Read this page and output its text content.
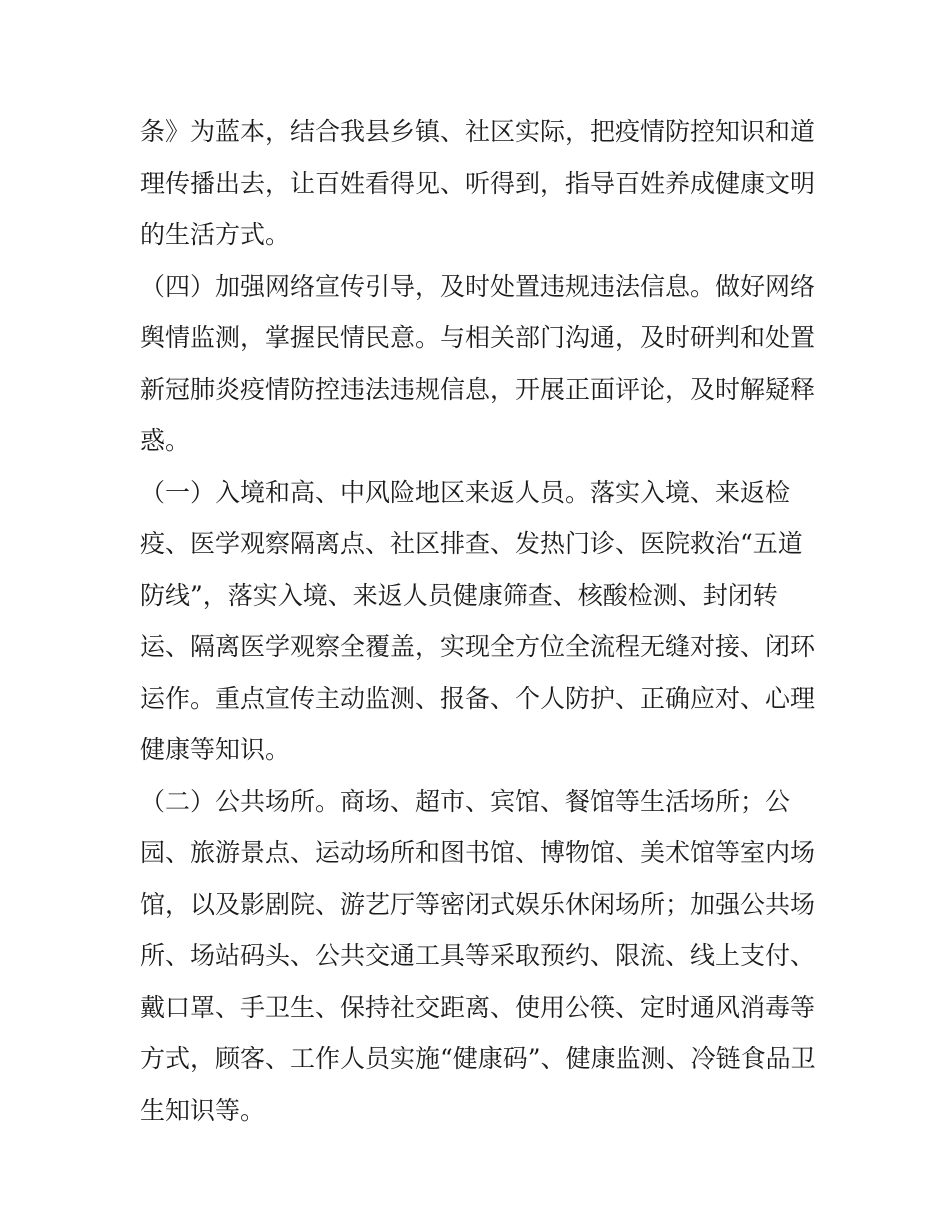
条》为蓝本，结合我县乡镇、社区实际，把疫情防控知识和道
理传播出去，让百姓看得见、听得到，指导百姓养成健康文明
的生活方式。
（四）加强网络宣传引导，及时处置违规违法信息。做好网络
舆情监测，掌握民情民意。与相关部门沟通，及时研判和处置
新冠肺炎疫情防控违法违规信息，开展正面评论，及时解疑释
惑。
（一）入境和高、中风险地区来返人员。落实入境、来返检
疫、医学观察隔离点、社区排查、发热门诊、医院救治“五道
防线”，落实入境、来返人员健康筛查、核酸检测、封闭转
运、隔离医学观察全覆盖，实现全方位全流程无缝对接、闭环
运作。重点宣传主动监测、报备、个人防护、正确应对、心理
健康等知识。
（二）公共场所。商场、超市、宾馆、餐馆等生活场所；公
园、旅游景点、运动场所和图书馆、博物馆、美术馆等室内场
馆，以及影剧院、游艺厅等密闭式娱乐休闲场所；加强公共场
所、场站码头、公共交通工具等采取预约、限流、线上支付、
戴口罩、手卫生、保持社交距离、使用公筷、定时通风消毒等
方式，顾客、工作人员实施“健康码”、健康监测、冷链食品卫
生知识等。
